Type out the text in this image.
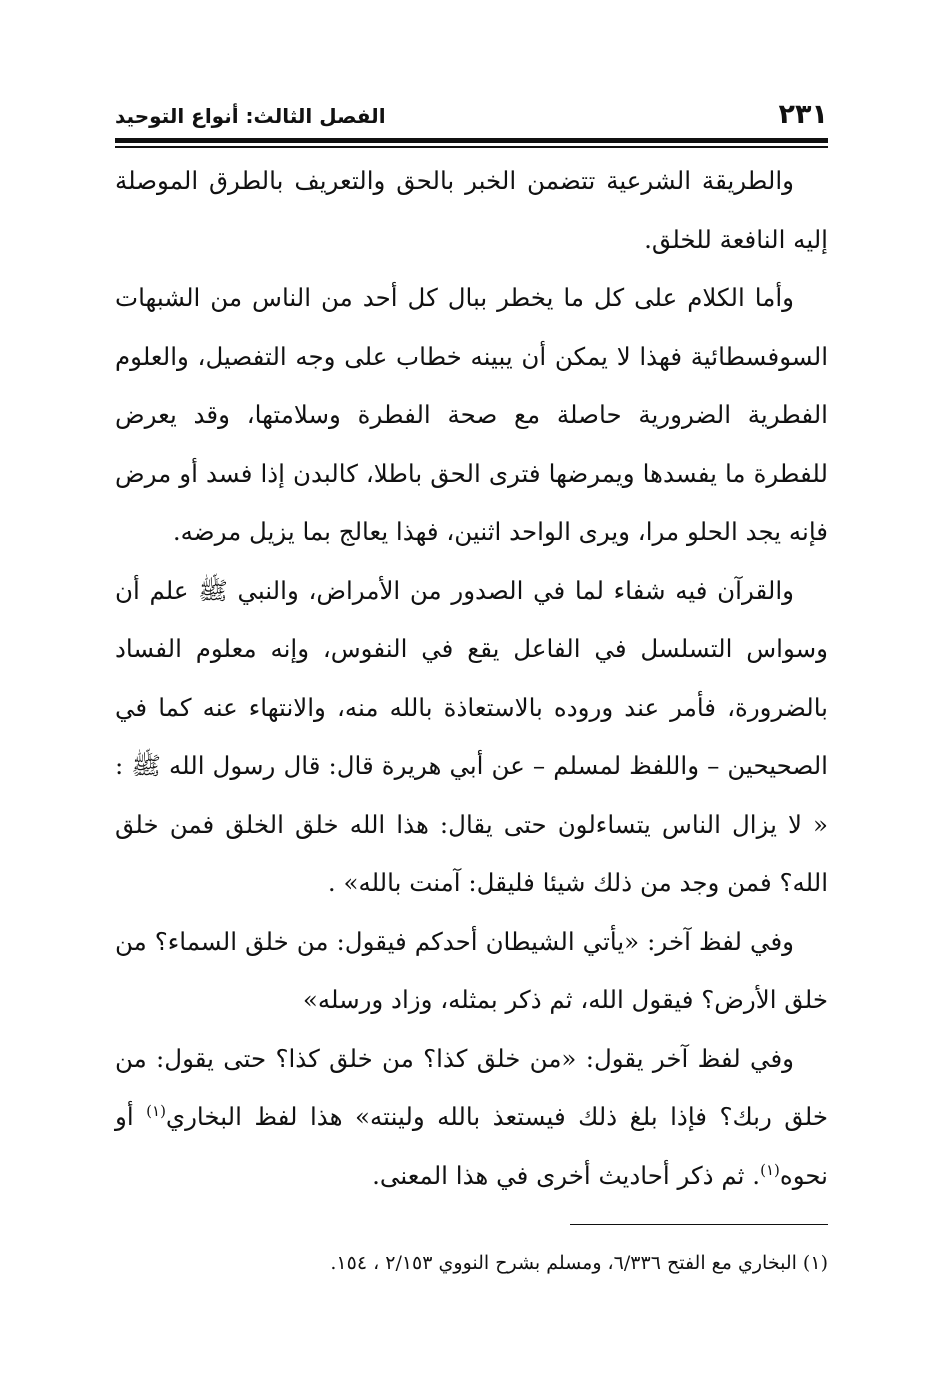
٢٣١
الفصل الثالث: أنواع التوحيد

والطريقة الشرعية تتضمن الخبر بالحق والتعريف بالطرق الموصلة إليه النافعة للخلق.

وأما الكلام على كل ما يخطر ببال كل أحد من الناس من الشبهات السوفسطائية فهذا لا يمكن أن يبينه خطاب على وجه التفصيل، والعلوم الفطرية الضرورية حاصلة مع صحة الفطرة وسلامتها، وقد يعرض للفطرة ما يفسدها ويمرضها فترى الحق باطلا، كالبدن إذا فسد أو مرض فإنه يجد الحلو مرا، ويرى الواحد اثنين، فهذا يعالج بما يزيل مرضه.

والقرآن فيه شفاء لما في الصدور من الأمراض، والنبي ﷺ علم أن وسواس التسلسل في الفاعل يقع في النفوس، وإنه معلوم الفساد بالضرورة، فأمر عند وروده بالاستعاذة بالله منه، والانتهاء عنه كما في الصحيحين – واللفظ لمسلم – عن أبي هريرة قال: قال رسول الله ﷺ : « لا يزال الناس يتساءلون حتى يقال: هذا الله خلق الخلق فمن خلق الله؟ فمن وجد من ذلك شيئا فليقل: آمنت بالله» .

وفي لفظ آخر: «يأتي الشيطان أحدكم فيقول: من خلق السماء؟ من خلق الأرض؟ فيقول الله، ثم ذكر بمثله، وزاد ورسله»

وفي لفظ آخر يقول: «من خلق كذا؟ من خلق كذا؟ حتى يقول: من خلق ربك؟ فإذا بلغ ذلك فيستعذ بالله ولينته» هذا لفظ البخاري$^{(١)}$ أو نحوه$^{(١)}$. ثم ذكر أحاديث أخرى في هذا المعنى.

(١) البخاري مع الفتح ٦/٣٣٦، ومسلم بشرح النووي ٢/١٥٣ ، ١٥٤.
